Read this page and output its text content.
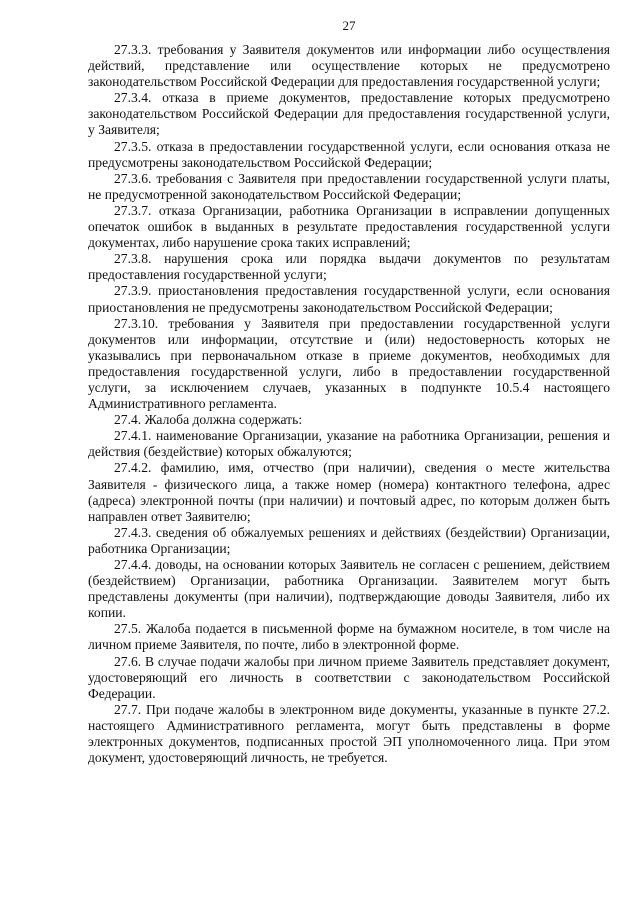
27

27.3.3. требования у Заявителя документов или информации либо осуществления действий, представление или осуществление которых не предусмотрено законодательством Российской Федерации для предоставления государственной услуги;

27.3.4. отказа в приеме документов, предоставление которых предусмотрено законодательством Российской Федерации для предоставления государственной услуги, у Заявителя;

27.3.5. отказа в предоставлении государственной услуги, если основания отказа не предусмотрены законодательством Российской Федерации;

27.3.6. требования с Заявителя при предоставлении государственной услуги платы, не предусмотренной законодательством Российской Федерации;

27.3.7. отказа Организации, работника Организации в исправлении допущенных опечаток ошибок в выданных в результате предоставления государственной услуги документах, либо нарушение срока таких исправлений;

27.3.8. нарушения срока или порядка выдачи документов по результатам предоставления государственной услуги;

27.3.9. приостановления предоставления государственной услуги, если основания приостановления не предусмотрены законодательством Российской Федерации;

27.3.10. требования у Заявителя при предоставлении государственной услуги документов или информации, отсутствие и (или) недостоверность которых не указывались при первоначальном отказе в приеме документов, необходимых для предоставления государственной услуги, либо в предоставлении государственной услуги, за исключением случаев, указанных в подпункте 10.5.4 настоящего Административного регламента.

27.4. Жалоба должна содержать:

27.4.1. наименование Организации, указание на работника Организации, решения и действия (бездействие) которых обжалуются;

27.4.2. фамилию, имя, отчество (при наличии), сведения о месте жительства Заявителя - физического лица, а также номер (номера) контактного телефона, адрес (адреса) электронной почты (при наличии) и почтовый адрес, по которым должен быть направлен ответ Заявителю;

27.4.3. сведения об обжалуемых решениях и действиях (бездействии) Организации, работника Организации;

27.4.4. доводы, на основании которых Заявитель не согласен с решением, действием (бездействием) Организации, работника Организации. Заявителем могут быть представлены документы (при наличии), подтверждающие доводы Заявителя, либо их копии.

27.5. Жалоба подается в письменной форме на бумажном носителе, в том числе на личном приеме Заявителя, по почте, либо в электронной форме.

27.6. В случае подачи жалобы при личном приеме Заявитель представляет документ, удостоверяющий его личность в соответствии с законодательством Российской Федерации.

27.7. При подаче жалобы в электронном виде документы, указанные в пункте 27.2. настоящего Административного регламента, могут быть представлены в форме электронных документов, подписанных простой ЭП уполномоченного лица. При этом документ, удостоверяющий личность, не требуется.
